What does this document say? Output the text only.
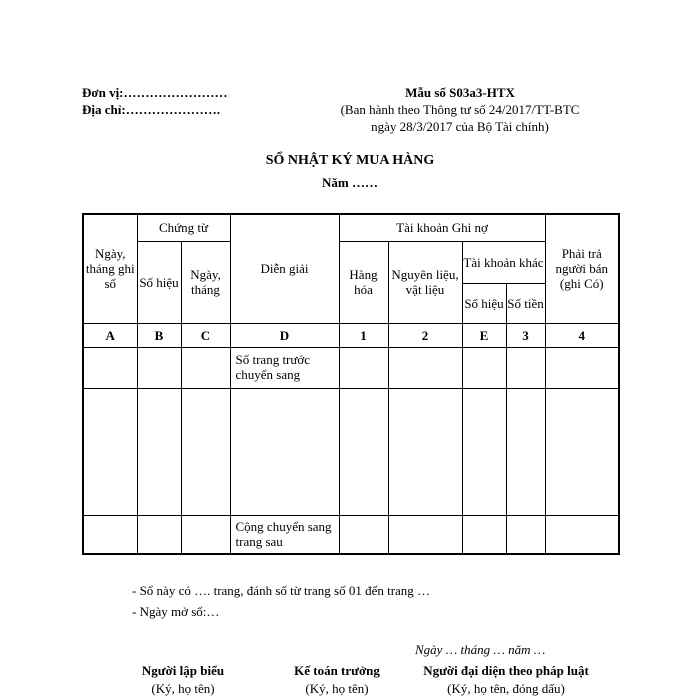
Đơn vị:……………………
Địa chỉ:………………….
Mẫu số S03a3-HTX
(Ban hành theo Thông tư số 24/2017/TT-BTC
ngày 28/3/2017 của Bộ Tài chính)
SỔ NHẬT KÝ MUA HÀNG
Năm ……
Ngày, tháng ghi sổ	Chứng từ		Diễn giải	Tài khoản Ghi nợ				Phải trả người bán (ghi Có)
	Số hiệu	Ngày, tháng		Hàng hóa	Nguyên liệu, vật liệu	Tài khoản khác		
						Số hiệu	Số tiền	
A	B	C	D	1	2	E	3	4
			Số trang trước chuyển sang					

			Cộng chuyển sang trang sau					
- Sổ này có …. trang, đánh số từ trang số 01 đến trang …
- Ngày mở sổ:…
Ngày … tháng … năm …
Người lập biểu
(Ký, họ tên)
Kế toán trưởng
(Ký, họ tên)
Người đại diện theo pháp luật
(Ký, họ tên, đóng dấu)
